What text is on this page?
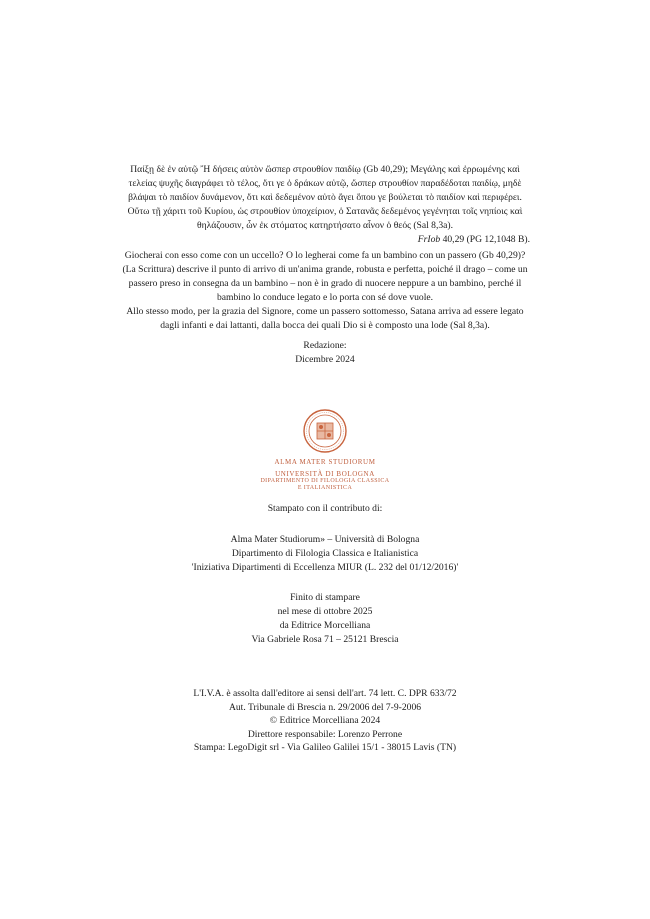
Παίξῃ δὲ ἐν αὐτῷ Ἢ δήσεις αὐτὸν ὥσπερ στρουθίον παιδίῳ (Gb 40,29); Μεγάλης καὶ ἐρρωμένης καὶ
τελείας ψυχῆς διαγράφει τὸ τέλος, ὅτι γε ὁ δράκων αὐτῷ, ὥσπερ στρουθίον παραδέδοται παιδίῳ, μηδὲ
βλάψαι τὸ παιδίον δυνάμενον, ὅτι καὶ δεδεμένον αὐτὸ ἄγει ὅπου γε βούλεται τὸ παιδίον καὶ περιφέρει.
Οὕτω τῇ χάριτι τοῦ Κυρίου, ὡς στρουθίον ὑποχείριον, ὁ Σατανᾶς δεδεμένος γεγένηται τοῖς νηπίοις καὶ
θηλάζουσιν, ὧν ἐκ στόματος κατηρτήσατο αἶνον ὁ θεός (Sal 8,3a).
FrIob 40,29 (PG 12,1048 B).
Giocherai con esso come con un uccello? O lo legherai come fa un bambino con un passero (Gb 40,29)?
(La Scrittura) descrive il punto di arrivo di un'anima grande, robusta e perfetta, poiché il drago – come un
passero preso in consegna da un bambino – non è in grado di nuocere neppure a un bambino, perché il
bambino lo conduce legato e lo porta con sé dove vuole.
Allo stesso modo, per la grazia del Signore, come un passero sottomesso, Satana arriva ad essere legato
dagli infanti e dai lattanti, dalla bocca dei quali Dio si è composto una lode (Sal 8,3a).
Redazione:
Dicembre 2024
ALMA MATER STUDIORUM
UNIVERSITÀ DI BOLOGNA
DIPARTIMENTO DI FILOLOGIA CLASSICA
E ITALIANISTICA
Stampato con il contributo di:
Alma Mater Studiorum» – Università di Bologna
Dipartimento di Filologia Classica e Italianistica
'Iniziativa Dipartimenti di Eccellenza MIUR (L. 232 del 01/12/2016)'
Finito di stampare
nel mese di ottobre 2025
da Editrice Morcelliana
Via Gabriele Rosa 71 – 25121 Brescia
L'I.V.A. è assolta dall'editore ai sensi dell'art. 74 lett. C. DPR 633/72
Aut. Tribunale di Brescia n. 29/2006 del 7-9-2006
© Editrice Morcelliana 2024
Direttore responsabile: Lorenzo Perrone
Stampa: LegoDigit srl - Via Galileo Galilei 15/1 - 38015 Lavis (TN)
